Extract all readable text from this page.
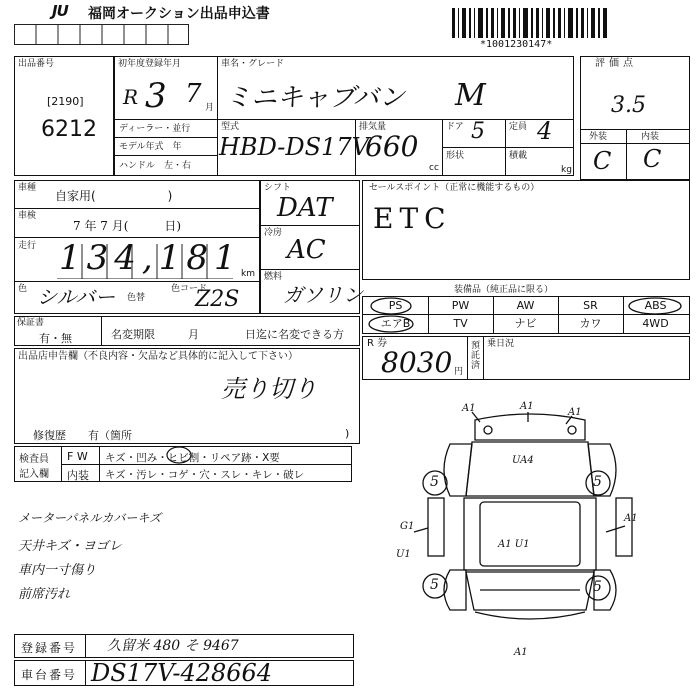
JU 福岡オークション出品申込書
*1001230147*
出品番号
[2190]
6212
初年度登録年月
R 3 7 月
ディーラー・並行
モデル年式　年
ハンドル　左・右
車名・グレード
ミニキャブバン M
型式
HBD-DS17V
排気量
660
cc
ドア 5	定員 4
形状	積載
kg
評価点
3.5
外装	内装
C C
車種
自家用(　　　　　　)
車検
7 年 7 月(　　　日)
走行 134,181 km
色 シルバー 色替
色コード
Z2S
シフト
DAT
冷房
AC
燃料
ガソリン
セールスポイント（正常に機能するもの）
ETC
装備品（純正品に限る）
PS	PW	AW	SR	ABS
エアB	TV	ナビ	カワ	4WD
R 券
8030 円
預託済
乗日況
保証書
有・無	名変期限　　　月	日迄に名変できる方
出品店申告欄（不良内容・欠品など具体的に記入して下さい）
売り切り
修復歴　　有（箇所	)
検査員
記入欄
F W キズ・凹み・ヒビ割・リペア跡・X要
内装 キズ・汚レ・コゲ・穴・スレ・キレ・破レ
メーターパネルカバーキズ
天井キズ・ヨゴレ
車内一寸傷り
前席汚れ
A1	A1
A1
UA4
A1 U1
G1
U1
A1
A1
5	5
5	5
登録番号 久留米 480 そ 9467
車台番号 DS17V-428664
